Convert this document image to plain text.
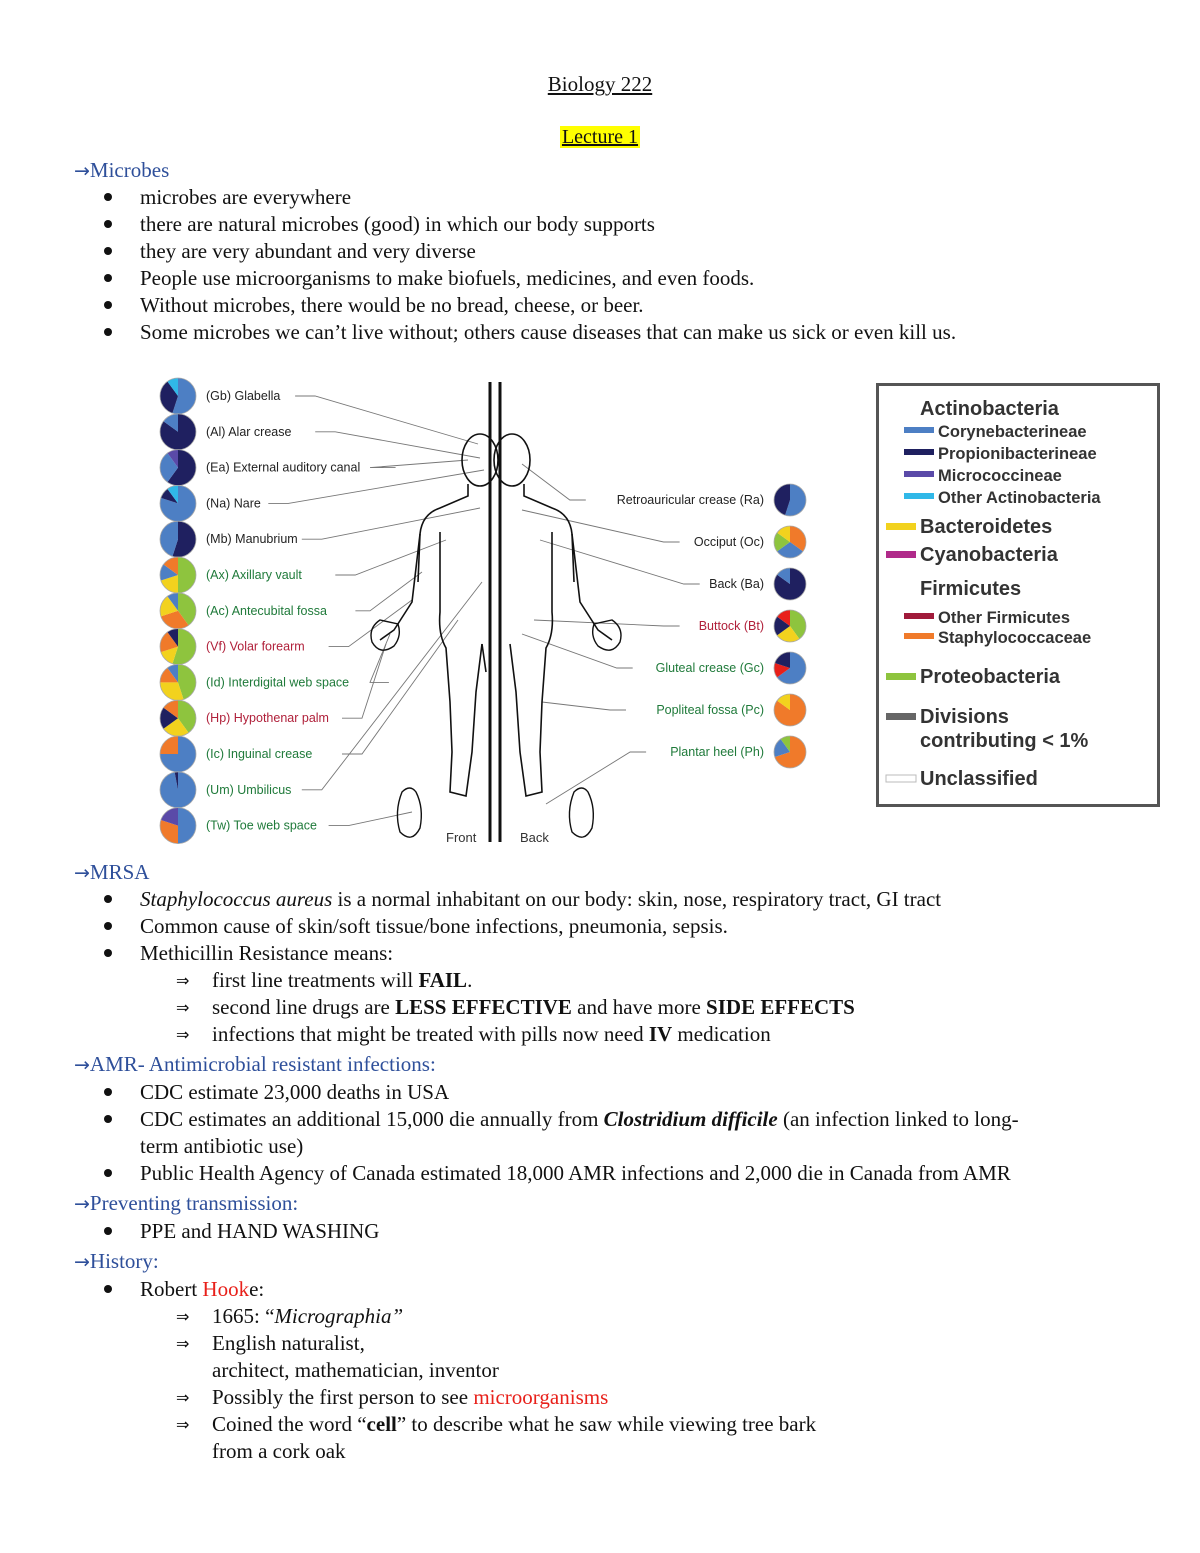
Biology 222
Lecture 1
→Microbes
microbes are everywhere
there are natural microbes (good) in which our body supports
they are very abundant and very diverse
People use microorganisms to make biofuels, medicines, and even foods.
Without microbes, there would be no bread, cheese, or beer.
Some microbes we can’t live without; others cause diseases that can make us sick or even kill us.
(Gb) Glabella
(Al) Alar crease
(Ea) External auditory canal
(Na) Nare
(Mb) Manubrium
(Ax) Axillary vault
(Ac) Antecubital fossa
(Vf) Volar forearm
(Id) Interdigital web space
(Hp) Hypothenar palm
(Ic) Inguinal crease
(Um) Umbilicus
(Tw) Toe web space
Retroauricular crease (Ra)
Occiput (Oc)
Back (Ba)
Buttock (Bt)
Gluteal crease (Gc)
Popliteal fossa (Pc)
Plantar heel (Ph)
Front	Back
Actinobacteria
Corynebacterineae
Propionibacterineae
Micrococcineae
Other Actinobacteria
Bacteroidetes
Cyanobacteria
Firmicutes
Other Firmicutes
Staphylococcaceae
Proteobacteria
Divisions
contributing < 1%
Unclassified
→MRSA
Staphylococcus aureus is a normal inhabitant on our body: skin, nose, respiratory tract, GI tract
Common cause of skin/soft tissue/bone infections, pneumonia, sepsis.
Methicillin Resistance means:
⇒ first line treatments will FAIL.
⇒ second line drugs are LESS EFFECTIVE and have more SIDE EFFECTS
⇒ infections that might be treated with pills now need IV medication
→AMR- Antimicrobial resistant infections:
CDC estimate 23,000 deaths in USA
CDC estimates an additional 15,000 die annually from Clostridium difficile (an infection linked to long-
term antibiotic use)
Public Health Agency of Canada estimated 18,000 AMR infections and 2,000 die in Canada from AMR
→Preventing transmission:
PPE and HAND WASHING
→History:
Robert Hooke:
⇒ 1665: “Micrographia”
⇒ English naturalist,
architect, mathematician, inventor
⇒ Possibly the first person to see microorganisms
⇒ Coined the word “cell” to describe what he saw while viewing tree bark
from a cork oak
